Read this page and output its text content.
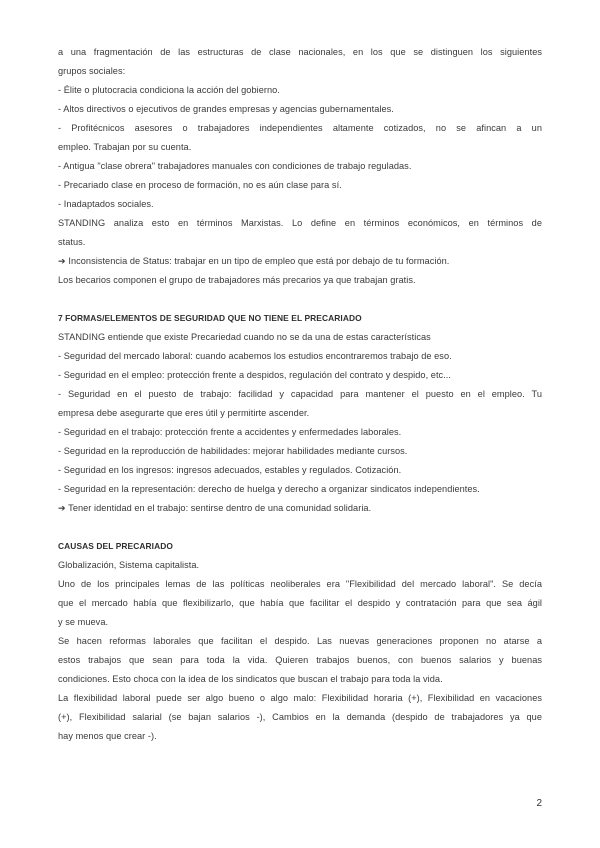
a una fragmentación de las estructuras de clase nacionales, en los que se distinguen los siguientes
grupos sociales:
- Élite o plutocracia condiciona la acción del gobierno.
- Altos directivos o ejecutivos de grandes empresas y agencias gubernamentales.
- Profitécnicos asesores o trabajadores independientes altamente cotizados, no se afincan a un
empleo. Trabajan por su cuenta.
- Antigua "clase obrera" trabajadores manuales con condiciones de trabajo reguladas.
- Precariado clase en proceso de formación, no es aún clase para sí.
- Inadaptados sociales.
STANDING analiza esto en términos Marxistas. Lo define en términos económicos, en términos de
status.
➔ Inconsistencia de Status: trabajar en un tipo de empleo que está por debajo de tu formación.
Los becarios componen el grupo de trabajadores más precarios ya que trabajan gratis.
7 FORMAS/ELEMENTOS DE SEGURIDAD QUE NO TIENE EL PRECARIADO
STANDING entiende que existe Precariedad cuando no se da una de estas características
- Seguridad del mercado laboral: cuando acabemos los estudios encontraremos trabajo de eso.
- Seguridad en el empleo: protección frente a despidos, regulación del contrato y despido, etc...
- Seguridad en el puesto de trabajo: facilidad y capacidad para mantener el puesto en el empleo. Tu
empresa debe asegurarte que eres útil y permitirte ascender.
- Seguridad en el trabajo: protección frente a accidentes y enfermedades laborales.
- Seguridad en la reproducción de habilidades: mejorar habilidades mediante cursos.
- Seguridad en los ingresos: ingresos adecuados, estables y regulados. Cotización.
- Seguridad en la representación: derecho de huelga y derecho a organizar sindicatos independientes.
➔ Tener identidad en el trabajo: sentirse dentro de una comunidad solidaria.
CAUSAS DEL PRECARIADO
Globalización, Sistema capitalista.
Uno de los principales lemas de las políticas neoliberales era "Flexibilidad del mercado laboral". Se decía
que el mercado había que flexibilizarlo, que había que facilitar el despido y contratación para que sea ágil
y se mueva.
Se hacen reformas laborales que facilitan el despido. Las nuevas generaciones proponen no atarse a
estos trabajos que sean para toda la vida. Quieren trabajos buenos, con buenos salarios y buenas
condiciones. Esto choca con la idea de los sindicatos que buscan el trabajo para toda la vida.
La flexibilidad laboral puede ser algo bueno o algo malo: Flexibilidad horaria (+), Flexibilidad en vacaciones
(+), Flexibilidad salarial (se bajan salarios -), Cambios en la demanda (despido de trabajadores ya que
hay menos que crear -).
2
